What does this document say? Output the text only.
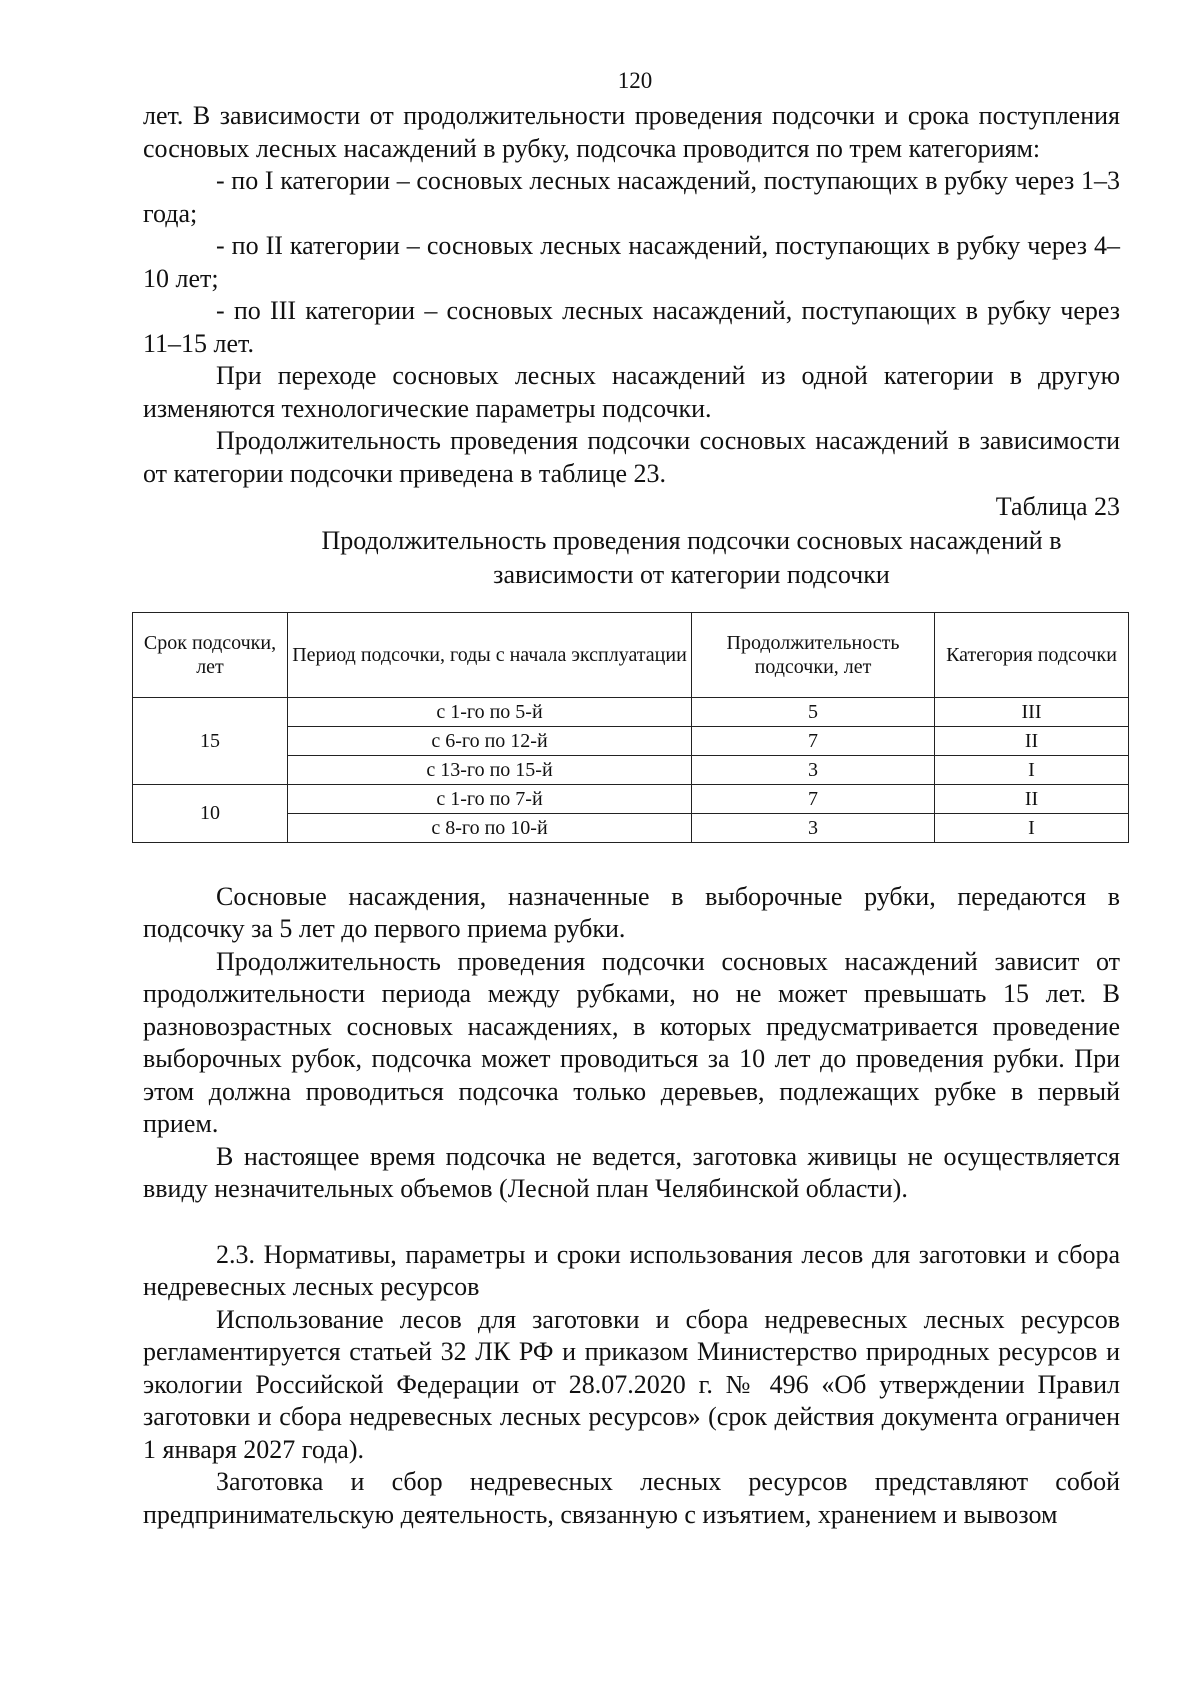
120

лет. В зависимости от продолжительности проведения подсочки и срока поступления сосновых лесных насаждений в рубку, подсочка проводится по трем категориям:

- по I категории – сосновых лесных насаждений, поступающих в рубку через 1–3 года;

- по II категории – сосновых лесных насаждений, поступающих в рубку через 4–10 лет;

- по III категории – сосновых лесных насаждений, поступающих в рубку через 11–15 лет.

При переходе сосновых лесных насаждений из одной категории в другую изменяются технологические параметры подсочки.

Продолжительность проведения подсочки сосновых насаждений в зависимости от категории подсочки приведена в таблице 23.

Таблица 23

Продолжительность проведения подсочки сосновых насаждений в зависимости от категории подсочки

Срок подсочки, лет	Период подсочки, годы с начала эксплуатации	Продолжительность подсочки, лет	Категория подсочки
15	с 1-го по 5-й	5	III
	с 6-го по 12-й	7	II
	с 13-го по 15-й	3	I
10	с 1-го по 7-й	7	II
	с 8-го по 10-й	3	I

Сосновые насаждения, назначенные в выборочные рубки, передаются в подсочку за 5 лет до первого приема рубки.

Продолжительность проведения подсочки сосновых насаждений зависит от продолжительности периода между рубками, но не может превышать 15 лет. В разновозрастных сосновых насаждениях, в которых предусматривается проведение выборочных рубок, подсочка может проводиться за 10 лет до проведения рубки. При этом должна проводиться подсочка только деревьев, подлежащих рубке в первый прием.

В настоящее время подсочка не ведется, заготовка живицы не осуществляется ввиду незначительных объемов (Лесной план Челябинской области).

2.3. Нормативы, параметры и сроки использования лесов для заготовки и сбора недревесных лесных ресурсов

Использование лесов для заготовки и сбора недревесных лесных ресурсов регламентируется статьей 32 ЛК РФ и приказом Министерство природных ресурсов и экологии Российской Федерации от 28.07.2020 г. № 496 «Об утверждении Правил заготовки и сбора недревесных лесных ресурсов» (срок действия документа ограничен 1 января 2027 года).

Заготовка и сбор недревесных лесных ресурсов представляют собой предпринимательскую деятельность, связанную с изъятием, хранением и вывозом
